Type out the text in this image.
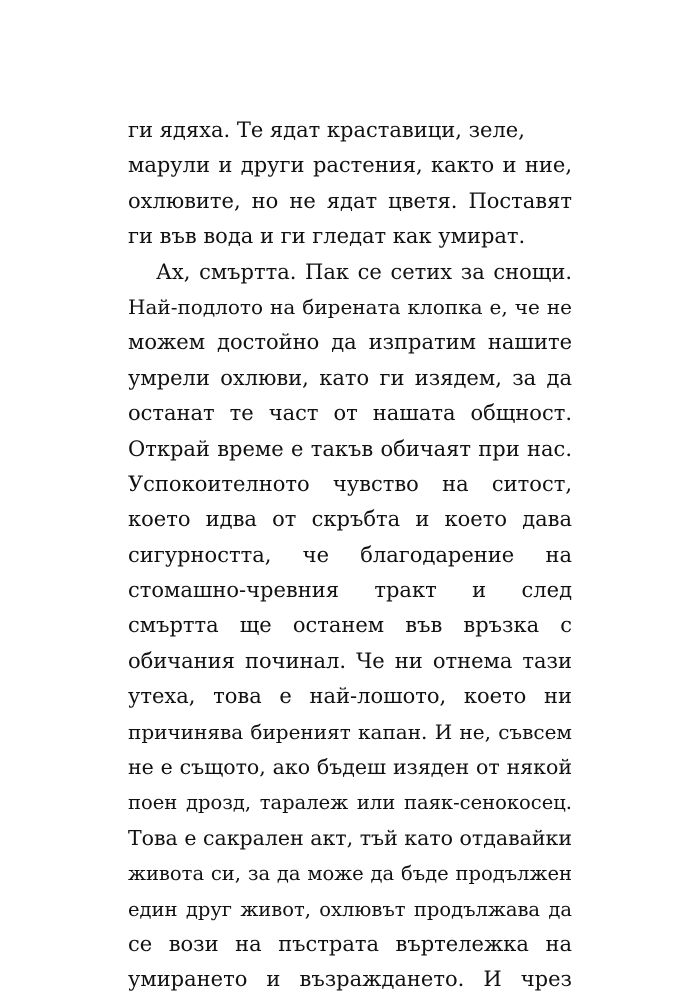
ги ядяха. Те ядат краставици, зеле,
марули и други растения, както и ние,
охлювите, но не ядат цветя. Поставят
ги във вода и ги гледат как умират.
Ах, смъртта. Пак се сетих за снощи.
Най-подлото на биренатa клопка е, че не
можем достойно да изпратим нашите
умрели охлюви, като ги изядем, за да
останат те част от нашата общност.
Открай време е такъв обичаят при нас.
Успокоителното чувство на ситост,
което идва от скръбта и което дава
сигурността, че благодарение на
стомашно-чревния тракт и след
смъртта ще останем във връзка с
обичания починал. Че ни отнема тази
утеха, това е най-лошото, което ни
причинява бирeният капан. И не, съвсем
не е същото, ако бъдеш изяден от някой
поен дрозд, таралеж или паяк-сенокосец.
Това е сакрален акт, тъй като отдавайки
живота си, за да може да бъде продължен
един друг живот, охлювът продължава да
се вози на пъстрата въртележка на
умирането и възраждането. И чрез
